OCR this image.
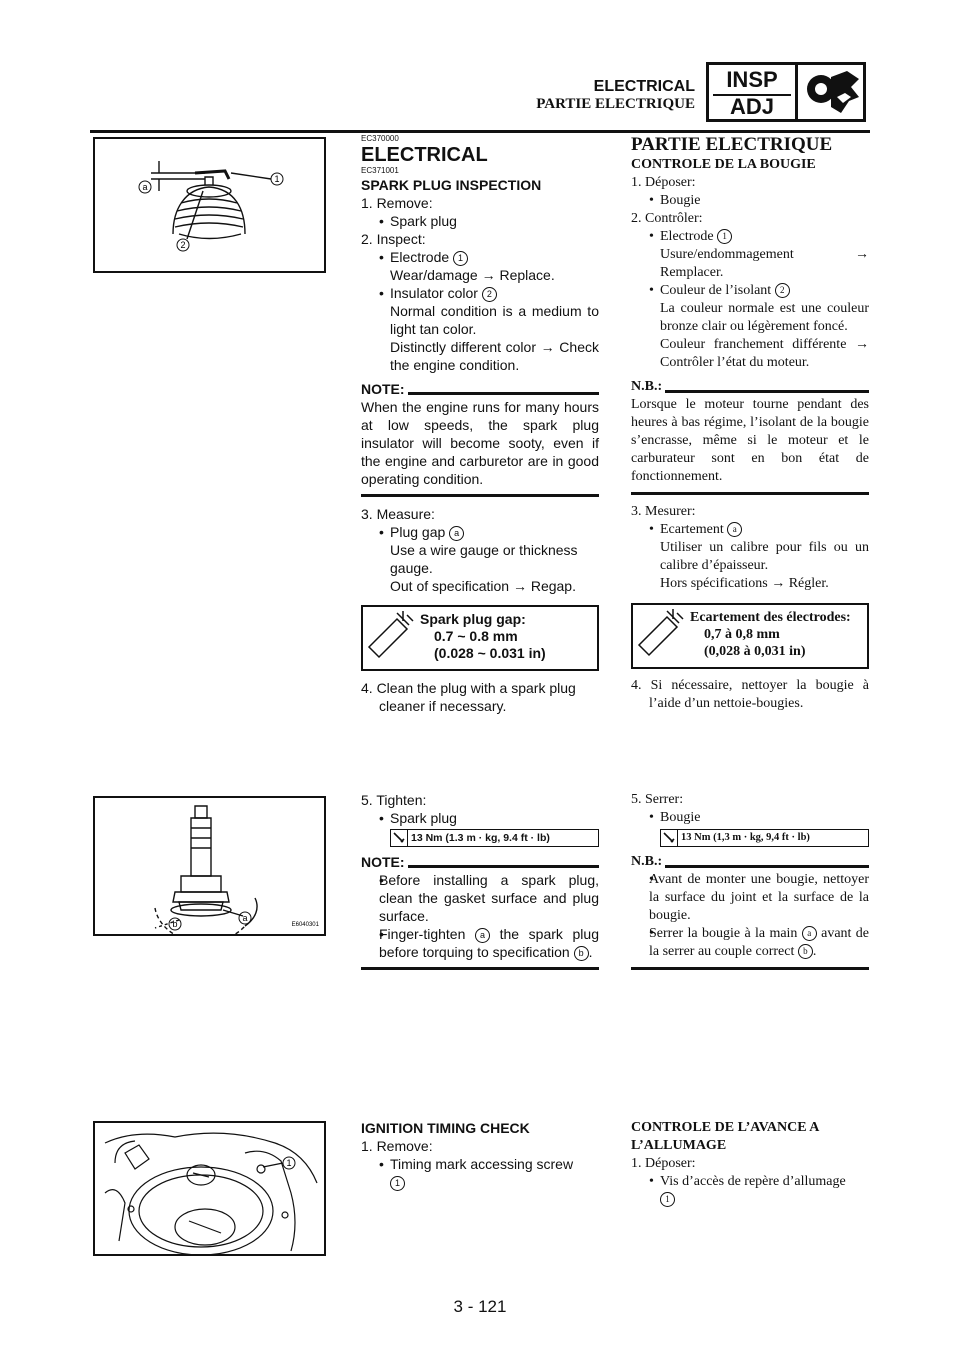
ELECTRICAL
PARTIE ELECTRIQUE
INSP
ADJ
a
1
2
a
b	E6040301
1
EC370000
ELECTRICAL
EC371001
SPARK PLUG INSPECTION
1. Remove:
• Spark plug
2. Inspect:
• Electrode 1
Wear/damage → Replace.
• Insulator color 2
Normal condition is a medium to light tan color.
Distinctly different color → Check the engine condition.
NOTE:
When the engine runs for many hours at low speeds, the spark plug insulator will become sooty, even if the engine and carburetor are in good operating condition.
3. Measure:
• Plug gap a
Use a wire gauge or thickness gauge.
Out of specification → Regap.
Spark plug gap:
0.7 ~ 0.8 mm
(0.028 ~ 0.031 in)
4. Clean the plug with a spark plug cleaner if necessary.
PARTIE ELECTRIQUE
CONTROLE DE LA BOUGIE
1. Déposer:
• Bougie
2. Contrôler:
• Electrode 1
Usure/endommagement → Remplacer.
• Couleur de l’isolant 2
La couleur normale est une couleur bronze clair ou légèrement foncé.
Couleur franchement différente → Contrôler l’état du moteur.
N.B.:
Lorsque le moteur tourne pendant des heures à bas régime, l’isolant de la bougie s’encrasse, même si le moteur et le carburateur sont en bon état de fonctionnement.
3. Mesurer:
• Ecartement a
Utiliser un calibre pour fils ou un calibre d’épaisseur.
Hors spécifications → Régler.
Ecartement des électrodes:
0,7 à 0,8 mm
(0,028 à 0,031 in)
4. Si nécessaire, nettoyer la bougie à l’aide d’un nettoie-bougies.
5. Tighten:
• Spark plug
13 Nm (1.3 m · kg, 9.4 ft · lb)
NOTE:
• Before installing a spark plug, clean the gasket surface and plug surface.
• Finger-tighten a the spark plug before torquing to specification b .
5. Serrer:
• Bougie
13 Nm (1,3 m · kg, 9,4 ft · lb)
N.B.:
• Avant de monter une bougie, nettoyer la surface du joint et la surface de la bougie.
• Serrer la bougie à la main a avant de la serrer au couple correct b .
IGNITION TIMING CHECK
1. Remove:
• Timing mark accessing screw
1
CONTROLE DE L’AVANCE A
L’ALLUMAGE
1. Déposer:
• Vis d’accès de repère d’allumage
1
3 - 121
